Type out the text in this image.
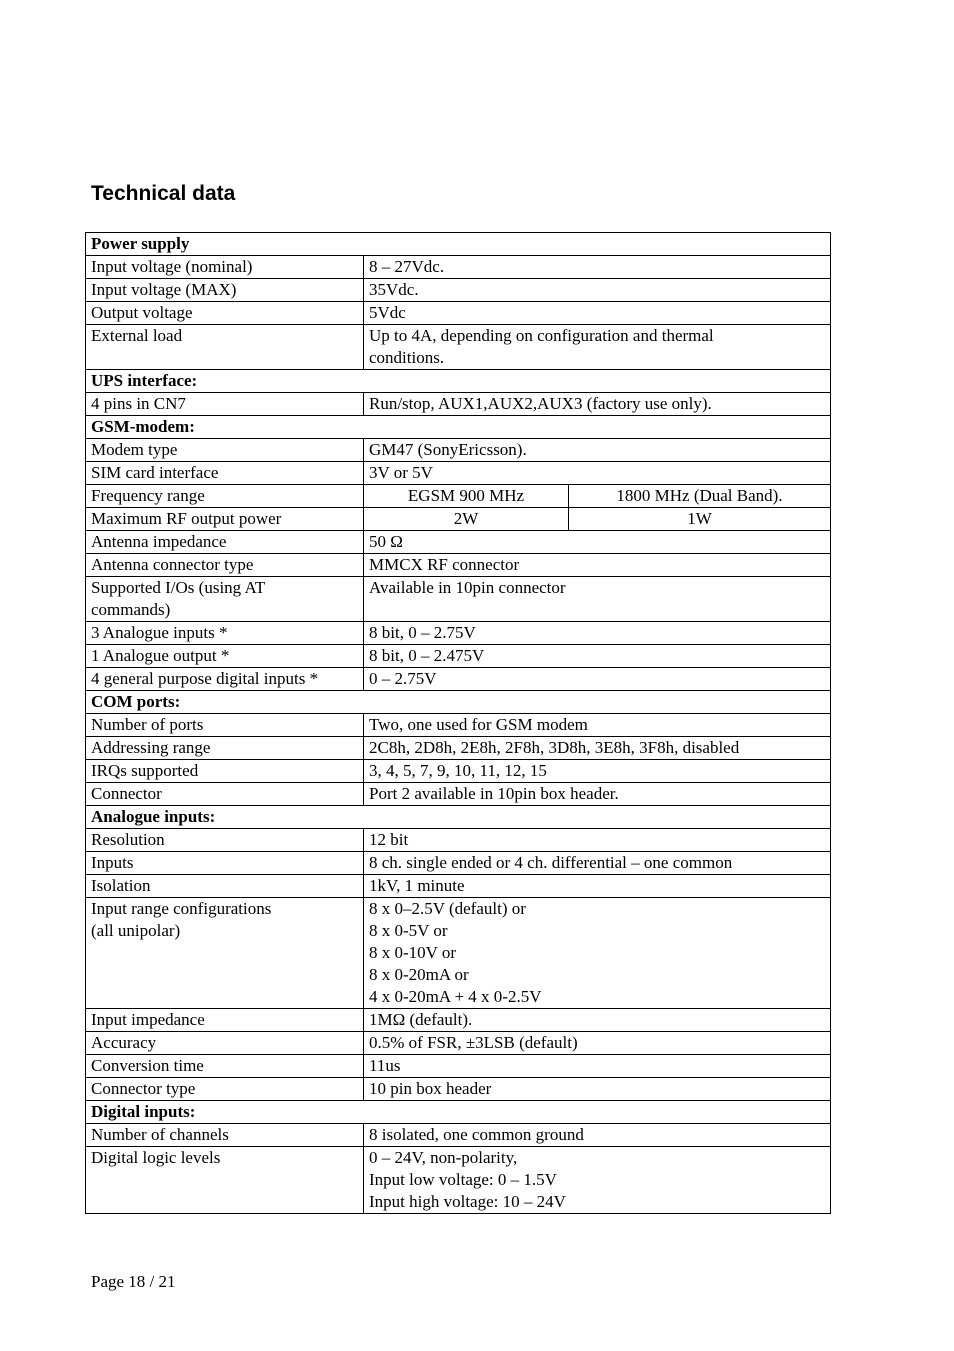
Technical data
Power supply		
Input voltage (nominal)	8 – 27Vdc.	
Input voltage (MAX)	35Vdc.	
Output voltage	5Vdc	
External load	Up to 4A, depending on configuration and thermal
conditions.	
UPS interface:		
4 pins in CN7	Run/stop, AUX1,AUX2,AUX3 (factory use only).	
GSM-modem:		
Modem type	GM47 (SonyEricsson).	
SIM card interface	3V or 5V	
Frequency range	EGSM 900 MHz	1800 MHz (Dual Band).
Maximum RF output power	2W	1W
Antenna impedance	50 Ω	
Antenna connector type	MMCX RF connector	
Supported I/Os (using AT
commands)	Available in 10pin connector	
3 Analogue inputs *	8 bit, 0 – 2.75V	
1 Analogue output *	8 bit, 0 – 2.475V	
4 general purpose digital inputs *	0 – 2.75V	
COM ports:		
Number of ports	Two, one used for GSM modem	
Addressing range	2C8h, 2D8h, 2E8h, 2F8h, 3D8h, 3E8h, 3F8h, disabled	
IRQs supported	3, 4, 5, 7, 9, 10, 11, 12, 15	
Connector	Port 2 available in 10pin box header.	
Analogue inputs:		
Resolution	12 bit	
Inputs	8 ch. single ended or 4 ch. differential – one common	
Isolation	1kV, 1 minute	
Input range configurations
(all unipolar)	8 x 0–2.5V (default) or
8 x 0-5V or
8 x 0-10V or
8 x 0-20mA or
4 x 0-20mA + 4 x 0-2.5V	
Input impedance	1MΩ (default).	
Accuracy	0.5% of FSR, ±3LSB (default)	
Conversion time	11us	
Connector type	10 pin box header	
Digital inputs:		
Number of channels	8 isolated, one common ground	
Digital logic levels	0 – 24V, non-polarity,
Input low voltage: 0 – 1.5V
Input high voltage: 10 – 24V	
Page 18 / 21
